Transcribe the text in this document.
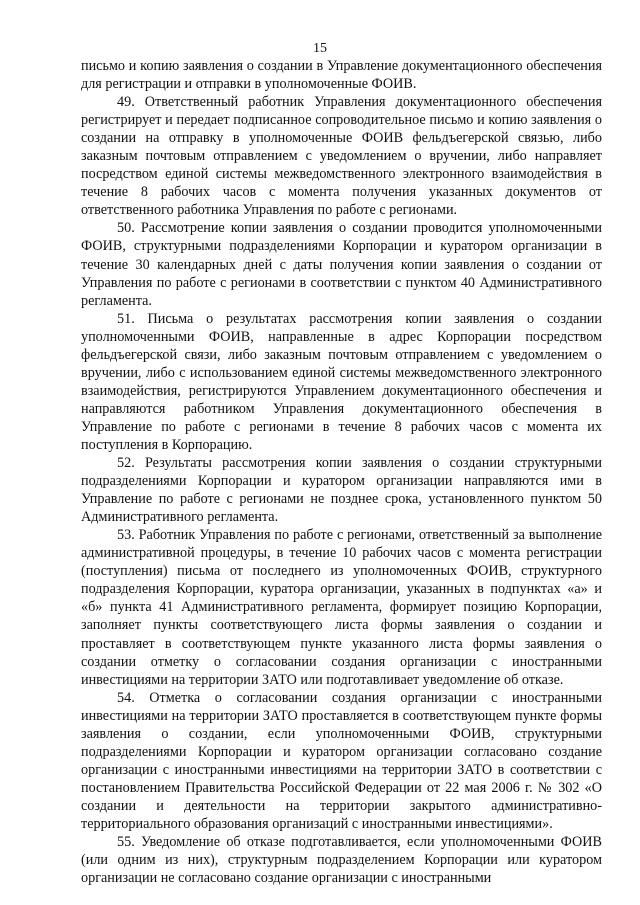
15

письмо и копию заявления о создании в Управление документационного обеспечения для регистрации и отправки в уполномоченные ФОИВ.

49. Ответственный работник Управления документационного обеспечения регистрирует и передает подписанное сопроводительное письмо и копию заявления о создании на отправку в уполномоченные ФОИВ фельдъегерской связью, либо заказным почтовым отправлением с уведомлением о вручении, либо направляет посредством единой системы межведомственного электронного взаимодействия в течение 8 рабочих часов с момента получения указанных документов от ответственного работника Управления по работе с регионами.

50. Рассмотрение копии заявления о создании проводится уполномоченными ФОИВ, структурными подразделениями Корпорации и куратором организации в течение 30 календарных дней с даты получения копии заявления о создании от Управления по работе с регионами в соответствии с пунктом 40 Административного регламента.

51. Письма о результатах рассмотрения копии заявления о создании уполномоченными ФОИВ, направленные в адрес Корпорации посредством фельдъегерской связи, либо заказным почтовым отправлением с уведомлением о вручении, либо с использованием единой системы межведомственного электронного взаимодействия, регистрируются Управлением документационного обеспечения и направляются работником Управления документационного обеспечения в Управление по работе с регионами в течение 8 рабочих часов с момента их поступления в Корпорацию.

52. Результаты рассмотрения копии заявления о создании структурными подразделениями Корпорации и куратором организации направляются ими в Управление по работе с регионами не позднее срока, установленного пунктом 50 Административного регламента.

53. Работник Управления по работе с регионами, ответственный за выполнение административной процедуры, в течение 10 рабочих часов с момента регистрации (поступления) письма от последнего из уполномоченных ФОИВ, структурного подразделения Корпорации, куратора организации, указанных в подпунктах «а» и «б» пункта 41 Административного регламента, формирует позицию Корпорации, заполняет пункты соответствующего листа формы заявления о создании и проставляет в соответствующем пункте указанного листа формы заявления о создании отметку о согласовании создания организации с иностранными инвестициями на территории ЗАТО или подготавливает уведомление об отказе.

54. Отметка о согласовании создания организации с иностранными инвестициями на территории ЗАТО проставляется в соответствующем пункте формы заявления о создании, если уполномоченными ФОИВ, структурными подразделениями Корпорации и куратором организации согласовано создание организации с иностранными инвестициями на территории ЗАТО в соответствии с постановлением Правительства Российской Федерации от 22 мая 2006 г. № 302 «О создании и деятельности на территории закрытого административно-территориального образования организаций с иностранными инвестициями».

55. Уведомление об отказе подготавливается, если уполномоченными ФОИВ (или одним из них), структурным подразделением Корпорации или куратором организации не согласовано создание организации с иностранными
